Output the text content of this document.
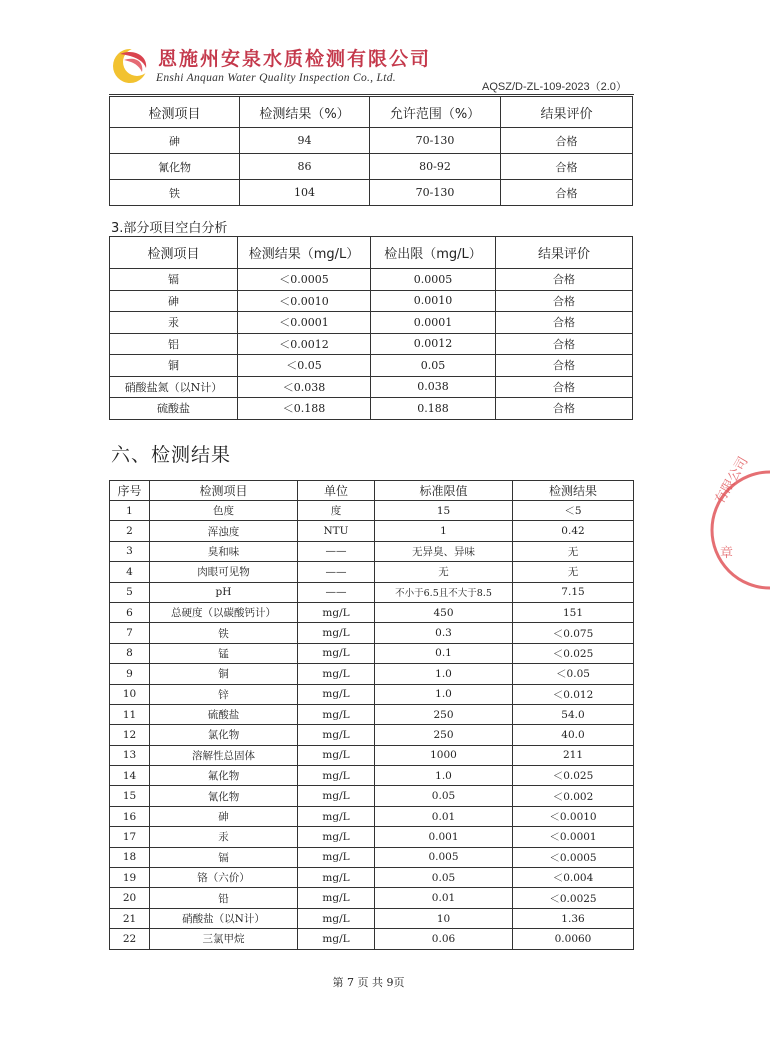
恩施州安泉水质检测有限公司
Enshi Anquan Water Quality Inspection Co., Ltd.
AQSZ/D-ZL-109-2023（2.0）
检测项目	检测结果（%）	允许范围（%）	结果评价
砷	94	70-130	合格
氰化物	86	80-92	合格
铁	104	70-130	合格
3.部分项目空白分析
检测项目	检测结果（mg/L）	检出限（mg/L）	结果评价
镉	＜0.0005	0.0005	合格
砷	＜0.0010	0.0010	合格
汞	＜0.0001	0.0001	合格
铝	＜0.0012	0.0012	合格
铜	＜0.05	0.05	合格
硝酸盐氮（以N计）	＜0.038	0.038	合格
硫酸盐	＜0.188	0.188	合格
六、检测结果
序号	检测项目	单位	标准限值	检测结果
1	色度	度	15	＜5
2	浑浊度	NTU	1	0.42
3	臭和味	——	无异臭、异味	无
4	肉眼可见物	——	无	无
5	pH	——	不小于6.5且不大于8.5	7.15
6	总硬度（以碳酸钙计）	mg/L	450	151
7	铁	mg/L	0.3	＜0.075
8	锰	mg/L	0.1	＜0.025
9	铜	mg/L	1.0	＜0.05
10	锌	mg/L	1.0	＜0.012
11	硫酸盐	mg/L	250	54.0
12	氯化物	mg/L	250	40.0
13	溶解性总固体	mg/L	1000	211
14	氟化物	mg/L	1.0	＜0.025
15	氰化物	mg/L	0.05	＜0.002
16	砷	mg/L	0.01	＜0.0010
17	汞	mg/L	0.001	＜0.0001
18	镉	mg/L	0.005	＜0.0005
19	铬（六价）	mg/L	0.05	＜0.004
20	铅	mg/L	0.01	＜0.0025
21	硝酸盐（以N计）	mg/L	10	1.36
22	三氯甲烷	mg/L	0.06	0.0060
第 7 页 共 9页
有限公司
章
